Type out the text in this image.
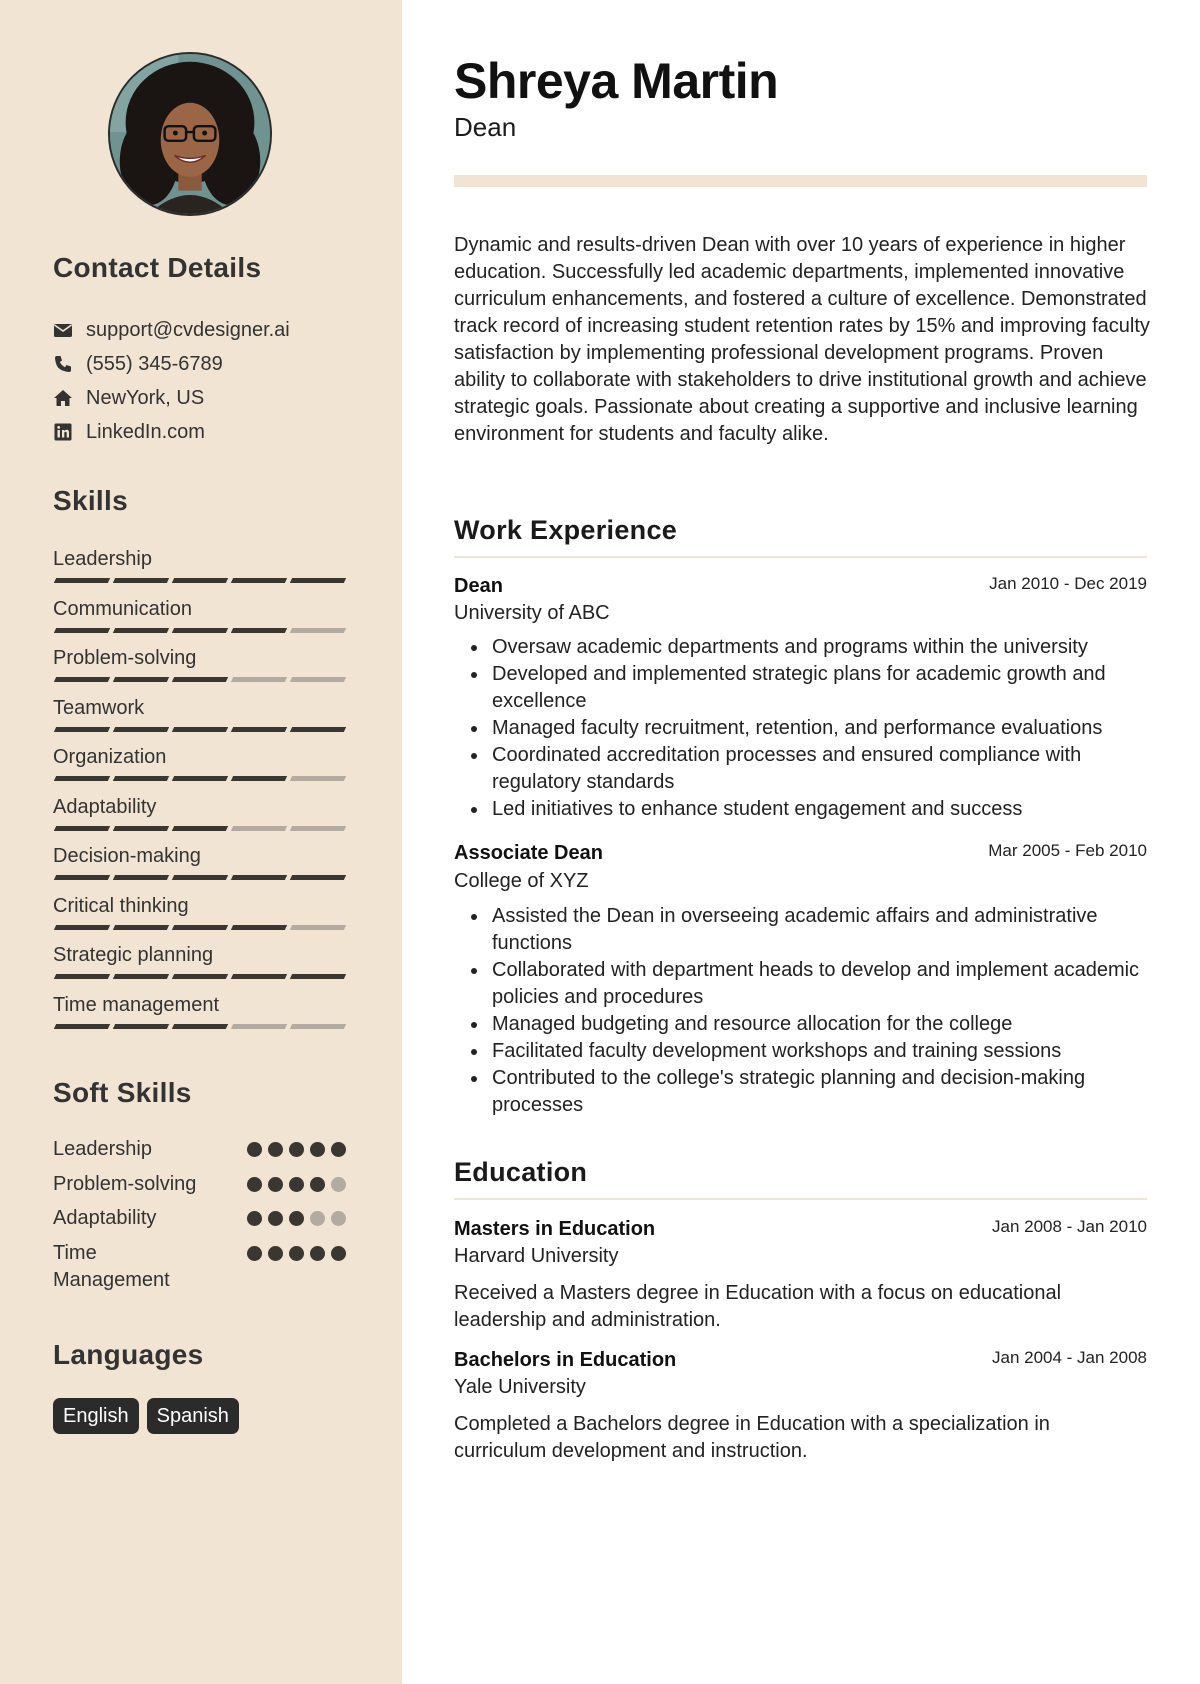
Contact Details
support@cvdesigner.ai
(555) 345-6789
NewYork, US
LinkedIn.com
Skills
Leadership
Communication
Problem-solving
Teamwork
Organization
Adaptability
Decision-making
Critical thinking
Strategic planning
Time management
Soft Skills
Leadership
Problem-solving
Adaptability
Time Management
Languages
English	Spanish
Shreya Martin
Dean
Dynamic and results-driven Dean with over 10 years of experience in higher education. Successfully led academic departments, implemented innovative curriculum enhancements, and fostered a culture of excellence. Demonstrated track record of increasing student retention rates by 15% and improving faculty satisfaction by implementing professional development programs. Proven ability to collaborate with stakeholders to drive institutional growth and achieve strategic goals. Passionate about creating a supportive and inclusive learning environment for students and faculty alike.
Work Experience
Dean	Jan 2010 - Dec 2019
University of ABC
Oversaw academic departments and programs within the university
Developed and implemented strategic plans for academic growth and excellence
Managed faculty recruitment, retention, and performance evaluations
Coordinated accreditation processes and ensured compliance with regulatory standards
Led initiatives to enhance student engagement and success
Associate Dean	Mar 2005 - Feb 2010
College of XYZ
Assisted the Dean in overseeing academic affairs and administrative functions
Collaborated with department heads to develop and implement academic policies and procedures
Managed budgeting and resource allocation for the college
Facilitated faculty development workshops and training sessions
Contributed to the college's strategic planning and decision-making processes
Education
Masters in Education	Jan 2008 - Jan 2010
Harvard University
Received a Masters degree in Education with a focus on educational leadership and administration.
Bachelors in Education	Jan 2004 - Jan 2008
Yale University
Completed a Bachelors degree in Education with a specialization in curriculum development and instruction.
